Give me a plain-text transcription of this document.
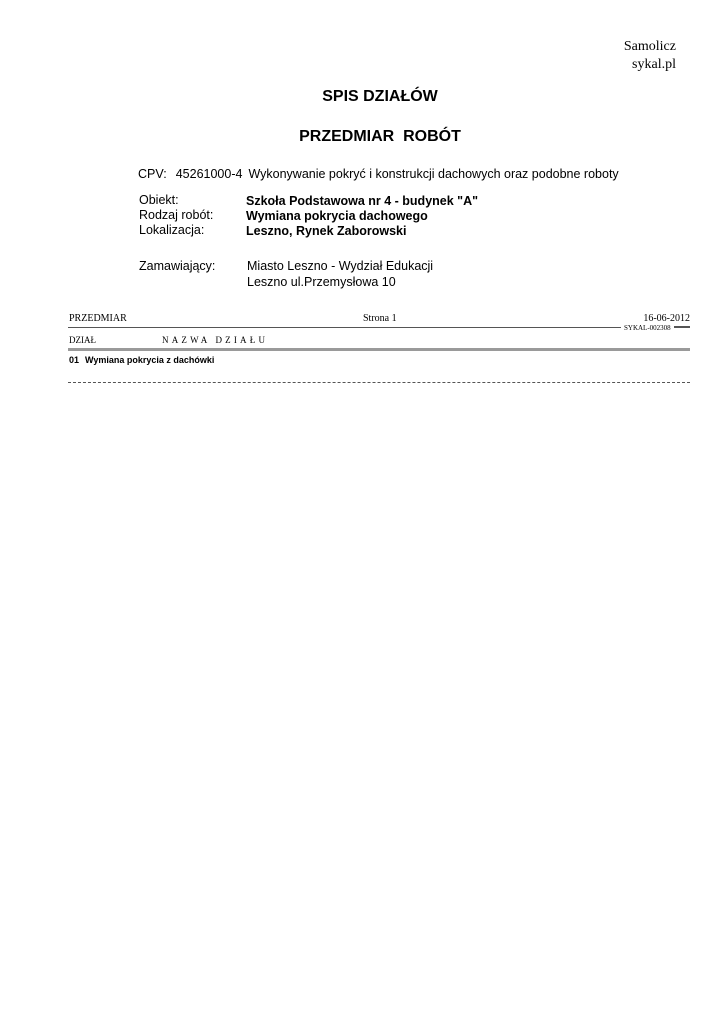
Samolicz
sykal.pl
SPIS DZIAŁÓW
PRZEDMIAR  ROBÓT
CPV: 45261000-4 Wykonywanie pokryć i konstrukcji dachowych oraz podobne roboty
Obiekt:	Szkoła Podstawowa nr 4 - budynek "A"
Rodzaj robót:	Wymiana pokrycia dachowego
Lokalizacja:	Leszno, Rynek Zaborowski
Zamawiający:	Miasto Leszno - Wydział Edukacji
Leszno ul.Przemysłowa 10
PRZEDMIAR	Strona 1	16-06-2012
SYKAL-002308
DZIAŁ	NAZWA DZIAŁU
01 Wymiana pokrycia z dachówki
